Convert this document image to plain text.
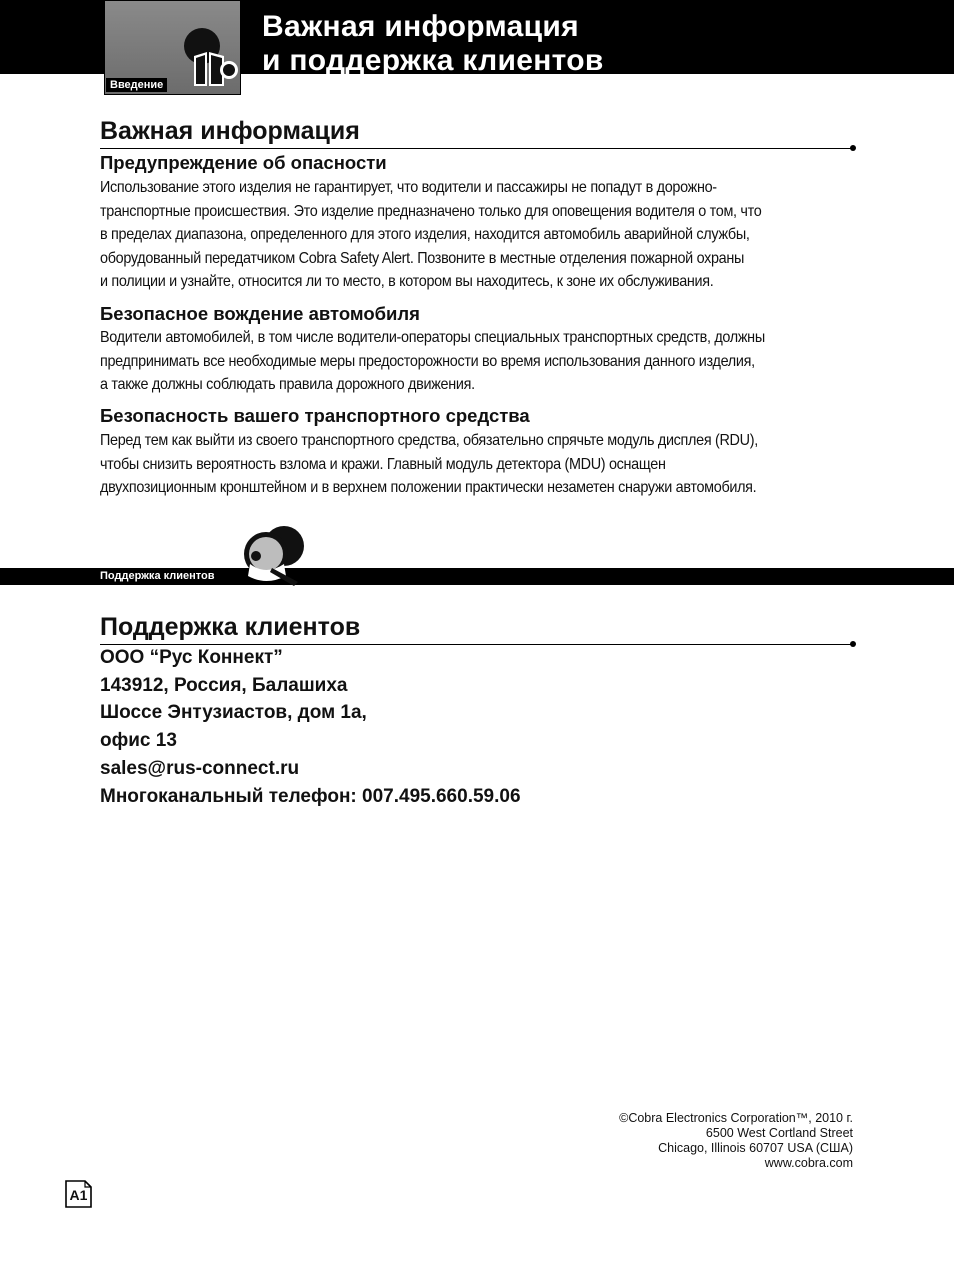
Введение
Важная информация
и поддержка клиентов
Важная информация
Предупреждение об опасности

Использование этого изделия не гарантирует, что водители и пассажиры не попадут в дорожно-

транспортные происшествия. Это изделие предназначено только для оповещения водителя о том, что

в пределах диапазона, определенного для этого изделия, находится автомобиль аварийной службы,

оборудованный передатчиком Cobra Safety Alert. Позвоните в местные отделения пожарной охраны

и полиции и узнайте, относится ли то место, в котором вы находитесь, к зоне их обслуживания.

Безопасное вождение автомобиля

Водители автомобилей, в том числе водители-операторы специальных транспортных средств, должны

предпринимать все необходимые меры предосторожности во время использования данного изделия,

а также должны соблюдать правила дорожного движения.

Безопасность вашего транспортного средства

Перед тем как выйти из своего транспортного средства, обязательно спрячьте модуль дисплея (RDU),

чтобы снизить вероятность взлома и кражи. Главный модуль детектора (MDU) оснащен

двухпозиционным кронштейном и в верхнем положении практически незаметен снаружи автомобиля.

Поддержка клиентов
Поддержка клиентов

ООО “Рус Коннект”

143912, Россия, Балашиха

Шоссе Энтузиастов, дом 1а,

офис 13

sales@rus-connect.ru

Многоканальный телефон: 007.495.660.59.06

©Cobra Electronics Corporation™, 2010 г.
6500 West Cortland Street
Chicago, Illinois 60707 USA (США)
www.cobra.com
A1
